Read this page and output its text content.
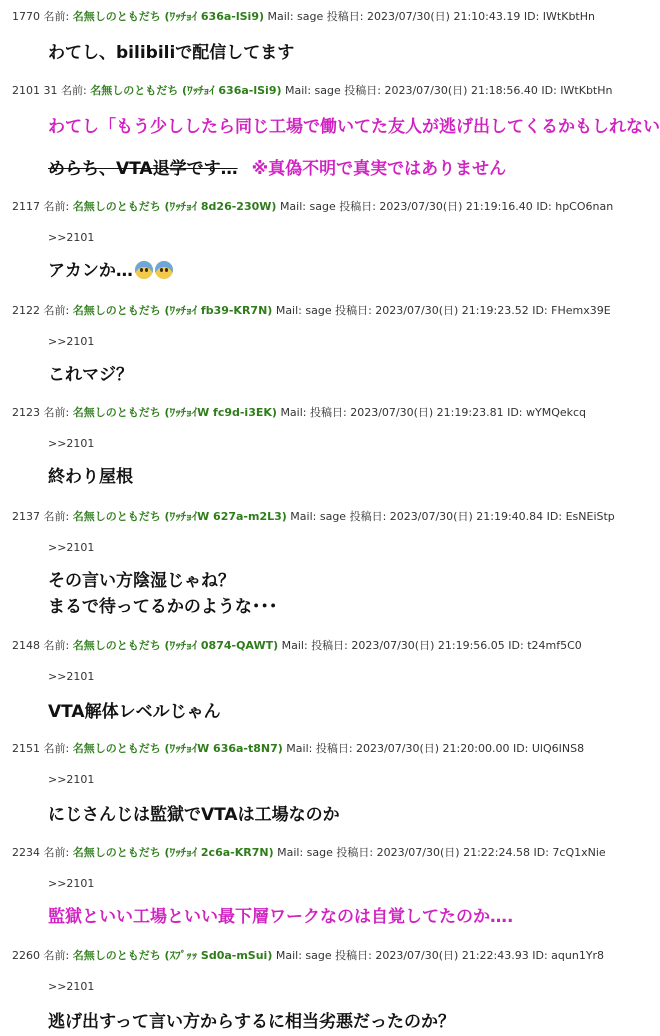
1770 名前: 名無しのともだち (ﾜｯﾁｮｲ 636a-lSi9) Mail: sage 投稿日: 2023/07/30(日) 21:10:43.19 ID: IWtKbtHn
わてし、bilibiliで配信してます
2101 31 名前: 名無しのともだち (ﾜｯﾁｮｲ 636a-lSi9) Mail: sage 投稿日: 2023/07/30(日) 21:18:56.40 ID: IWtKbtHn
わてし「もう少ししたら同じ工場で働いてた友人が逃げ出してくるかもしれない
めらち、VTA退学です… ※真偽不明で真実ではありません
2117 名前: 名無しのともだち (ﾜｯﾁｮｲ 8d26-230W) Mail: sage 投稿日: 2023/07/30(日) 21:19:16.40 ID: hpCO6nan
>>2101
アカンか…
2122 名前: 名無しのともだち (ﾜｯﾁｮｲ fb39-KR7N) Mail: sage 投稿日: 2023/07/30(日) 21:19:23.52 ID: FHemx39E
>>2101
これマジ？
2123 名前: 名無しのともだち (ﾜｯﾁｮｲW fc9d-i3EK) Mail: 投稿日: 2023/07/30(日) 21:19:23.81 ID: wYMQekcq
>>2101
終わり屋根
2137 名前: 名無しのともだち (ﾜｯﾁｮｲW 627a-m2L3) Mail: sage 投稿日: 2023/07/30(日) 21:19:40.84 ID: EsNEiStp
>>2101
その言い方陰湿じゃね？
まるで待ってるかのような･･･
2148 名前: 名無しのともだち (ﾜｯﾁｮｲ 0874-QAWT) Mail: 投稿日: 2023/07/30(日) 21:19:56.05 ID: t24mf5C0
>>2101
VTA解体レベルじゃん
2151 名前: 名無しのともだち (ﾜｯﾁｮｲW 636a-t8N7) Mail: 投稿日: 2023/07/30(日) 21:20:00.00 ID: UlQ6INS8
>>2101
にじさんじは監獄でVTAは工場なのか
2234 名前: 名無しのともだち (ﾜｯﾁｮｲ 2c6a-KR7N) Mail: sage 投稿日: 2023/07/30(日) 21:22:24.58 ID: 7cQ1xNie
>>2101
監獄といい工場といい最下層ワークなのは自覚してたのか….
2260 名前: 名無しのともだち (ｽﾌﾟｯｯ Sd0a-mSui) Mail: sage 投稿日: 2023/07/30(日) 21:22:43.93 ID: aqun1Yr8
>>2101
逃げ出すって言い方からするに相当劣悪だったのか？
